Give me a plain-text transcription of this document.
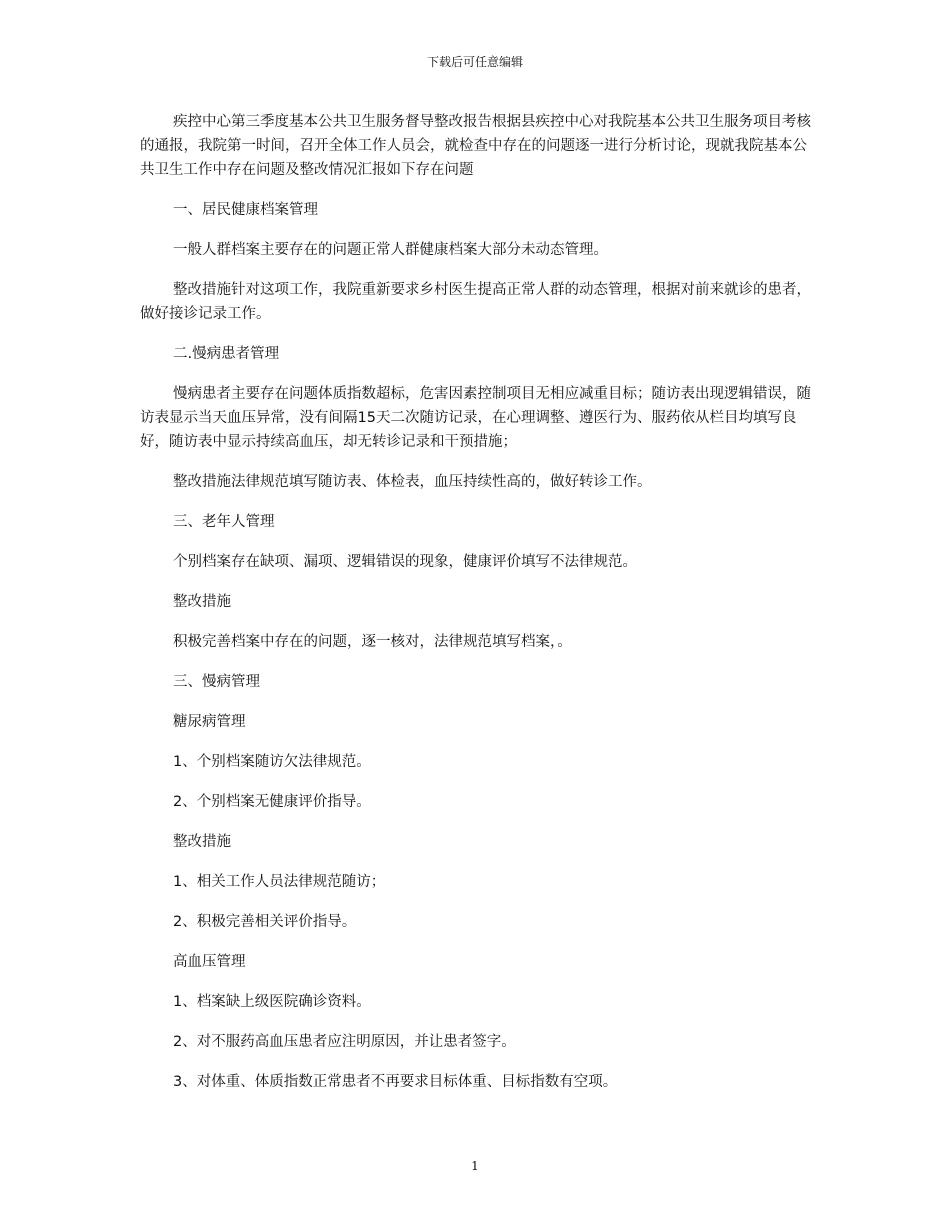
下载后可任意编辑

疾控中心第三季度基本公共卫生服务督导整改报告根据县疾控中心对我院基本公共卫生服务项目考核的通报，我院第一时间，召开全体工作人员会，就检查中存在的问题逐一进行分析讨论，现就我院基本公共卫生工作中存在问题及整改情况汇报如下存在问题

一、居民健康档案管理

一般人群档案主要存在的问题正常人群健康档案大部分未动态管理。

整改措施针对这项工作，我院重新要求乡村医生提高正常人群的动态管理，根据对前来就诊的患者，做好接诊记录工作。

二.慢病患者管理

慢病患者主要存在问题体质指数超标，危害因素控制项目无相应减重目标；随访表出现逻辑错误，随访表显示当天血压异常，没有间隔15天二次随访记录，在心理调整、遵医行为、服药依从栏目均填写良好，随访表中显示持续高血压，却无转诊记录和干预措施；

整改措施法律规范填写随访表、体检表，血压持续性高的，做好转诊工作。

三、老年人管理

个别档案存在缺项、漏项、逻辑错误的现象，健康评价填写不法律规范。

整改措施

积极完善档案中存在的问题，逐一核对，法律规范填写档案，。

三、慢病管理

糖尿病管理

1、个别档案随访欠法律规范。

2、个别档案无健康评价指导。

整改措施

1、相关工作人员法律规范随访；

2、积极完善相关评价指导。

高血压管理

1、档案缺上级医院确诊资料。

2、对不服药高血压患者应注明原因，并让患者签字。

3、对体重、体质指数正常患者不再要求目标体重、目标指数有空项。

1
